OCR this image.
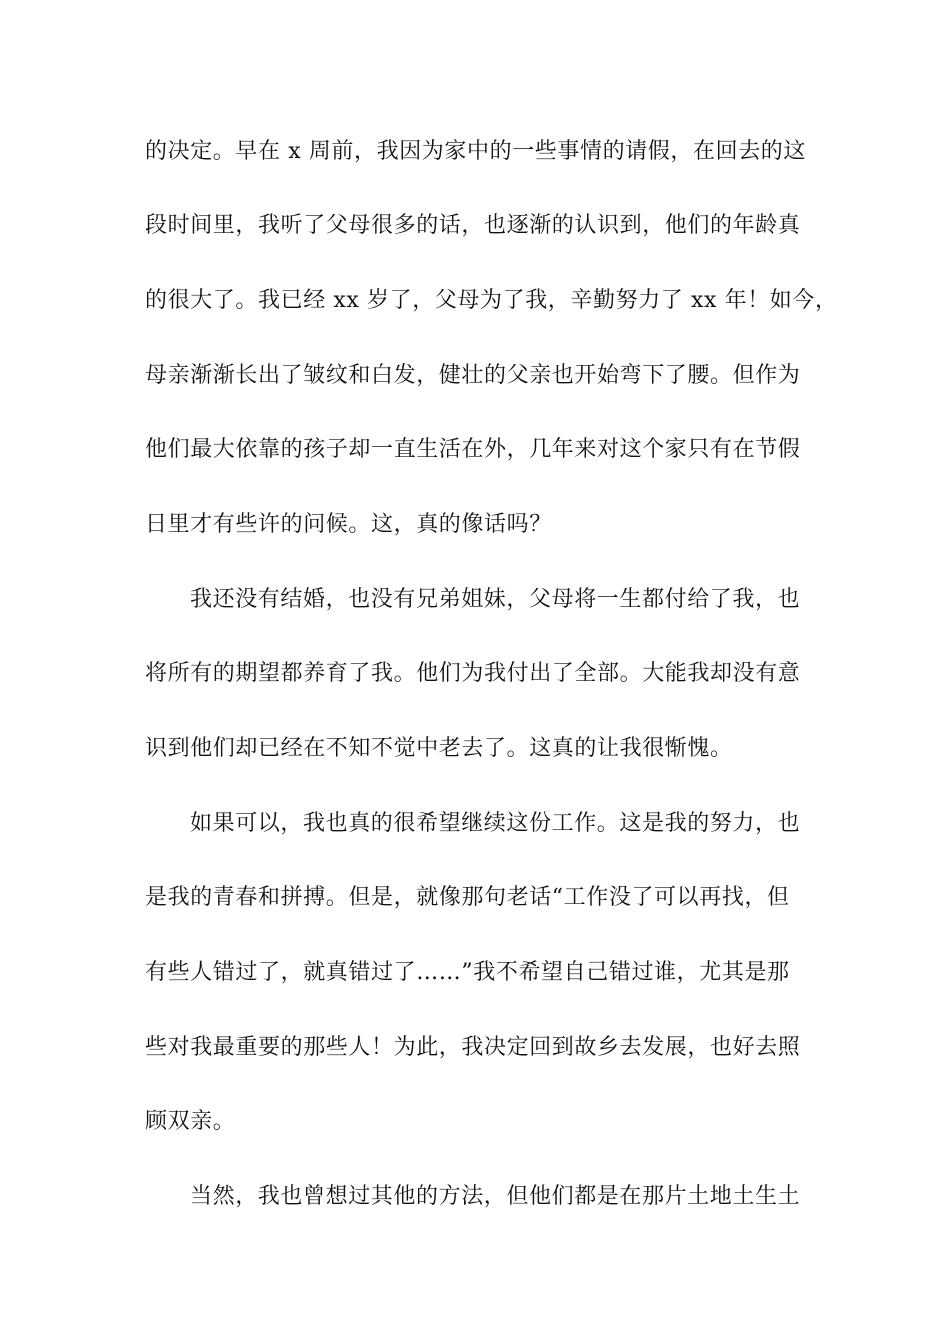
的决定。早在 x 周前，我因为家中的一些事情的请假，在回去的这
段时间里，我听了父母很多的话，也逐渐的认识到，他们的年龄真
的很大了。我已经 xx 岁了，父母为了我，辛勤努力了 xx 年！如今，
母亲渐渐长出了皱纹和白发，健壮的父亲也开始弯下了腰。但作为
他们最大依靠的孩子却一直生活在外，几年来对这个家只有在节假
日里才有些许的问候。这，真的像话吗？
我还没有结婚，也没有兄弟姐妹，父母将一生都付给了我，也
将所有的期望都养育了我。他们为我付出了全部。大能我却没有意
识到他们却已经在不知不觉中老去了。这真的让我很惭愧。
如果可以，我也真的很希望继续这份工作。这是我的努力，也
是我的青春和拼搏。但是，就像那句老话“工作没了可以再找，但
有些人错过了，就真错过了……”我不希望自己错过谁，尤其是那
些对我最重要的那些人！为此，我决定回到故乡去发展，也好去照
顾双亲。
当然，我也曾想过其他的方法，但他们都是在那片土地土生土
